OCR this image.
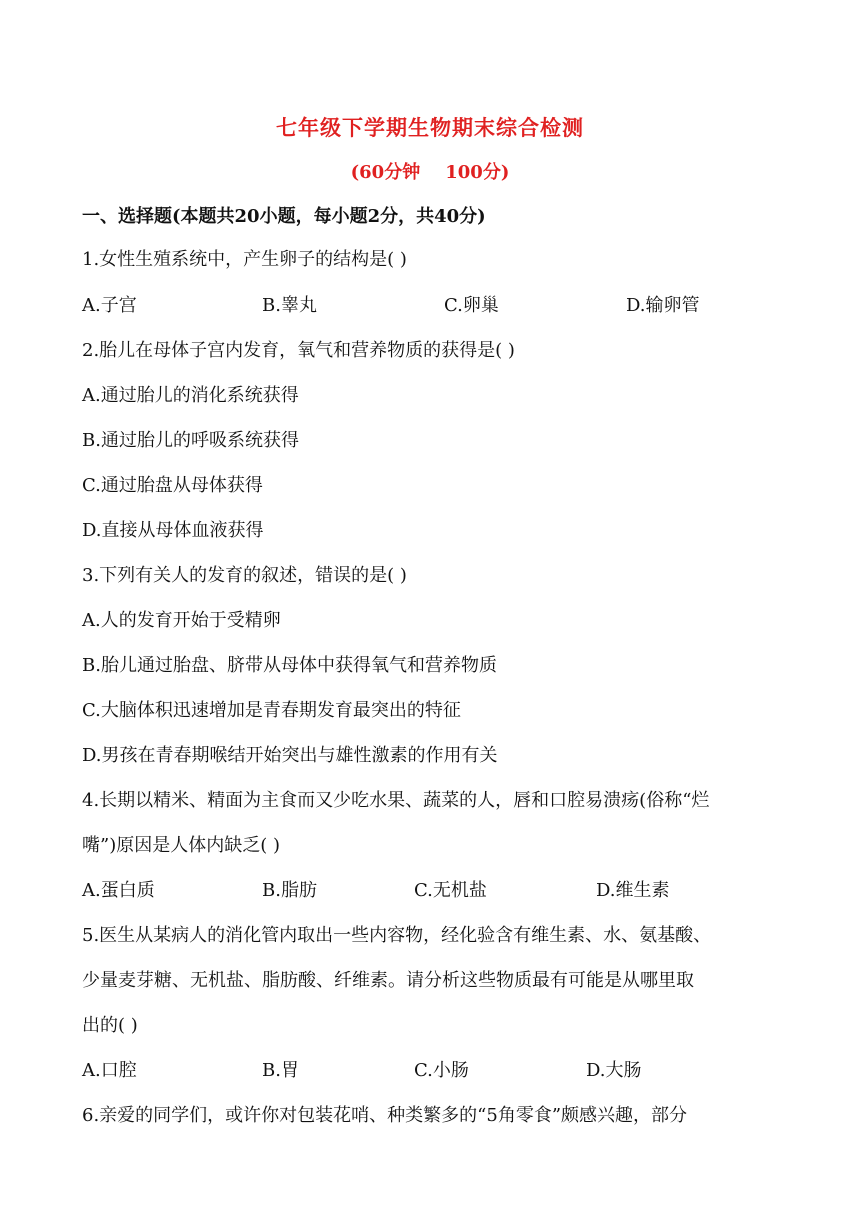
七年级下学期生物期末综合检测
(60分钟    100分)
一、选择题(本题共20小题，每小题2分，共40分)
1.女性生殖系统中，产生卵子的结构是( )
A.子宫	B.睾丸	C.卵巢	D.输卵管
2.胎儿在母体子宫内发育，氧气和营养物质的获得是( )
A.通过胎儿的消化系统获得
B.通过胎儿的呼吸系统获得
C.通过胎盘从母体获得
D.直接从母体血液获得
3.下列有关人的发育的叙述，错误的是( )
A.人的发育开始于受精卵
B.胎儿通过胎盘、脐带从母体中获得氧气和营养物质
C.大脑体积迅速增加是青春期发育最突出的特征
D.男孩在青春期喉结开始突出与雄性激素的作用有关
4.长期以精米、精面为主食而又少吃水果、蔬菜的人，唇和口腔易溃疡(俗称“烂
嘴”)原因是人体内缺乏( )
A.蛋白质	B.脂肪	C.无机盐	D.维生素
5.医生从某病人的消化管内取出一些内容物，经化验含有维生素、水、氨基酸、
少量麦芽糖、无机盐、脂肪酸、纤维素。请分析这些物质最有可能是从哪里取
出的( )
A.口腔	B.胃	C.小肠	D.大肠
6.亲爱的同学们，或许你对包装花哨、种类繁多的“5角零食”颇感兴趣，部分
